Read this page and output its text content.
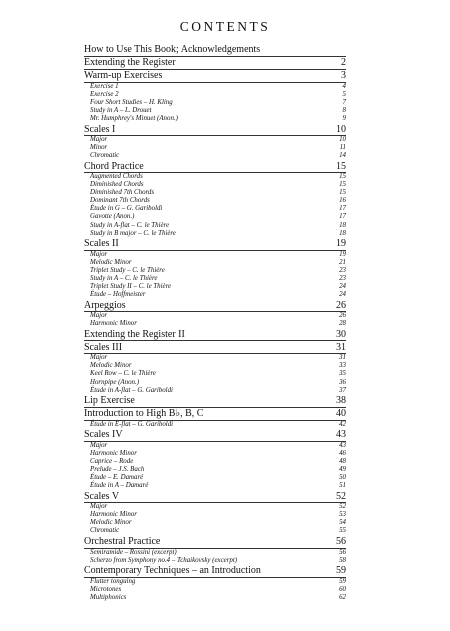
CONTENTS
How to Use This Book; Acknowledgements
Extending the Register	2
Warm-up Exercises	3
Exercise 1	4
Exercise 2	5
Four Short Studies – H. Kling	7
Study in A – L. Drouet	8
Mr. Humphrey's Minuet (Anon.)	9
Scales I	10
Major	10
Minor	11
Chromatic	14
Chord Practice	15
Augmented Chords	15
Diminished Chords	15
Diminished 7th Chords	15
Dominant 7th Chords	16
Étude in G – G. Gariboldi	17
Gavotte (Anon.)	17
Study in A-flat – C. le Thière	18
Study in B major – C. le Thière	18
Scales II	19
Major	19
Melodic Minor	21
Triplet Study – C. le Thière	23
Study in A – C. le Thière	23
Triplet Study II – C. le Thière	24
Étude – Hoffmeister	24
Arpeggios	26
Major	26
Harmonic Minor	28
Extending the Register II	30
Scales III	31
Major	31
Melodic Minor	33
Keel Row – C. le Thière	35
Hornpipe (Anon.)	36
Étude in A-flat – G. Gariboldi	37
Lip Exercise	38
Introduction to High B♭, B, C	40
Étude in E-flat – G. Gariboldi	42
Scales IV	43
Major	43
Harmonic Minor	46
Caprice – Rode	48
Prelude – J.S. Bach	49
Étude – E. Damaré	50
Étude in A – Damaré	51
Scales V	52
Major	52
Harmonic Minor	53
Melodic Minor	54
Chromatic	55
Orchestral Practice	56
Semiramide – Rossini (excerpt)	56
Scherzo from Symphony no.4 – Tchaikovsky (excerpt)	58
Contemporary Techniques – an Introduction	59
Flutter tonguing	59
Microtones	60
Multiphonics	62
